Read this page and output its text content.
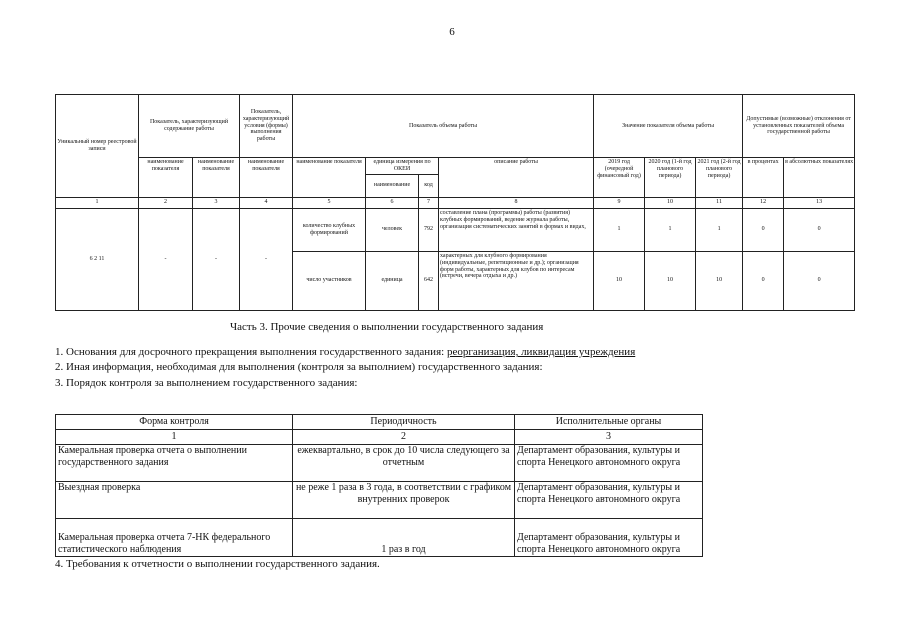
6
Уникальный номер реестровой записи	Показатель, характеризующий содержание работы		Показатель, характеризующий условия (формы) выполнения работы	Показатель объема работы				Значение показателя объема работы			Допустимые (возможные) отклонения от установленных показателей объема государственной работы	
	наименование показателя	наименование показателя	наименование показателя	наименование показателя	единица измерения по ОКЕИ		описание работы	2019 год (очередной финансовый год)	2020 год (1-й год планового периода)	2021 год (2-й год планового периода)	в процентах	в абсолютных показателях
					наименование	код						
1	2	3	4	5	6	7	8	9	10	11	12	13
6 2 11	-	-	-	количество клубных формирований	человек	792	составление плана (программы) работы (развития) клубных формирований, ведение журнала работы, организация систематических занятий в формах и видах,	1	1	1	0	0
				число участников	единица	642	характерных для клубного формирования (индивидуальные, репетиционные и др.); организация форм работы, характерных для клубов по интересам (встречи, вечера отдыха и др.)	10	10	10	0	0
Часть 3. Прочие сведения о выполнении государственного задания
1. Основания для досрочного прекращения выполнения государственного задания: реорганизация, ликвидация учреждения
2. Иная информация, необходимая для выполнения (контроля за выполнием) государственного задания:
3. Порядок контроля за выполнением государственного задания:
Форма контроля	Периодичность	Исполнительные органы
1	2	3
Камеральная проверка отчета о выполнении государственного задания	ежеквартально, в срок до 10 числа следующего за отчетным	Департамент образования, культуры и спорта Ненецкого автономного округа
Выездная проверка	не реже 1 раза в 3 года, в соответствии с графиком внутренних проверок	Департамент образования, культуры и спорта Ненецкого автономного округа
Камеральная проверка отчета 7-НК федерального статистического наблюдения	1 раз в год	Департамент образования, культуры и спорта Ненецкого автономного округа
4. Требования к отчетности о выполнении государственного задания.
